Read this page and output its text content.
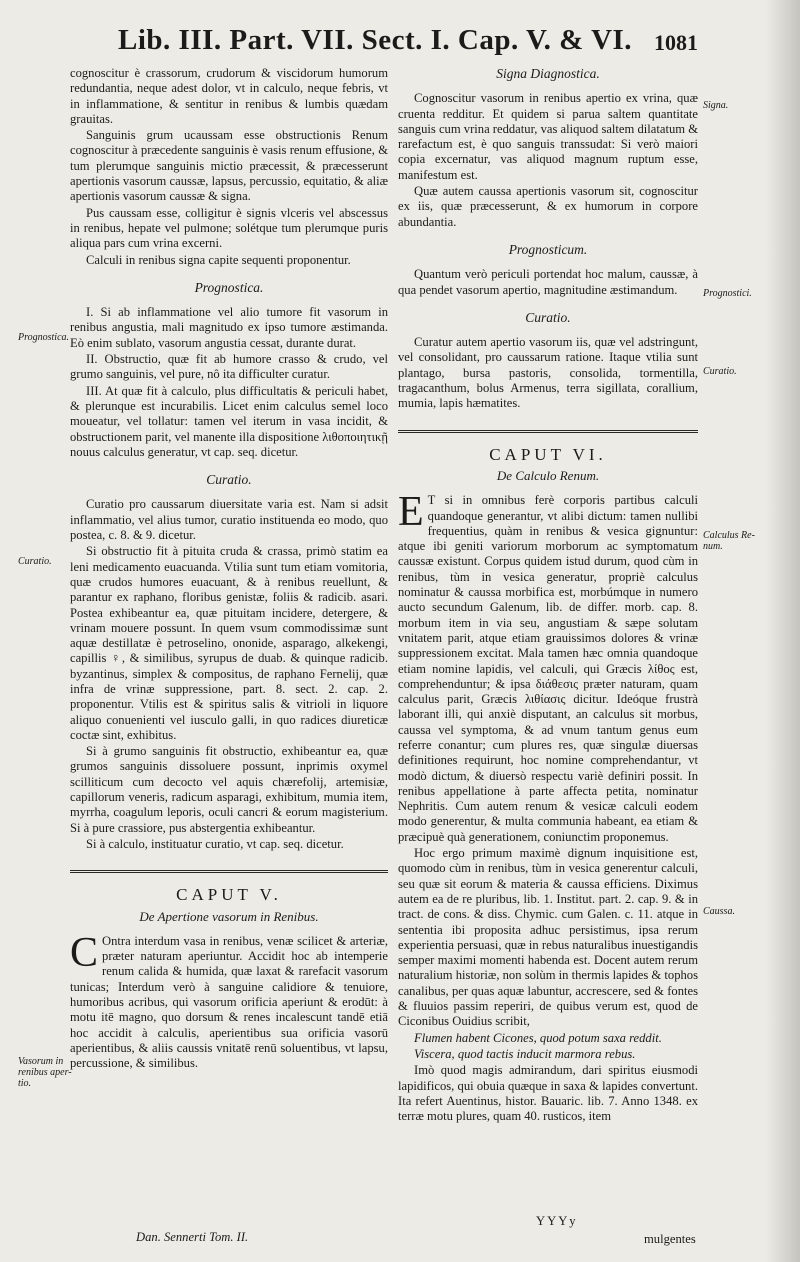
Lib. III. Part. VII. Sect. I. Cap. V. & VI. 1081

cognoscitur è crassorum, crudorum & viscidorum humorum redundantia, neque adest dolor, vt in calculo, neque febris, vt in inflammatione, & sentitur in renibus & lumbis quædam grauitas.

Sanguinis grum ucaussam esse obstructionis Renum cognoscitur à præcedente sanguinis è vasis renum effusione, & tum plerumque sanguinis mictio præcessit, & præcesserunt apertionis vasorum caussæ, lapsus, percussio, equitatio, & aliæ apertionis vasorum caussæ & signa.

Pus caussam esse, colligitur è signis vlceris vel abscessus in renibus, hepate vel pulmone; solétque tum plerumque puris aliqua pars cum vrina excerni.

Calculi in renibus signa capite sequenti proponentur.

Prognostica.

I. Si ab inflammatione vel alio tumore fit vasorum in renibus angustia, mali magnitudo ex ipso tumore æstimanda. Eò enim sublato, vasorum angustia cessat, durante durat.

II. Obstructio, quæ fit ab humore crasso & crudo, vel grumo sanguinis, vel pure, nô ita difficulter curatur.

III. At quæ fit à calculo, plus difficultatis & periculi habet, & plerunque est incurabilis. Licet enim calculus semel loco moueatur, vel tollatur: tamen vel iterum in vasa incidit, & obstructionem parit, vel manente illa dispositione λιθοποιητικῇ nouus calculus generatur, vt cap. seq. dicetur.

Curatio.

Curatio pro caussarum diuersitate varia est. Nam si adsit inflammatio, vel alius tumor, curatio instituenda eo modo, quo postea, c. 8. & 9. dicetur.

Si obstructio fit à pituita cruda & crassa, primò statim ea leni medicamento euacuanda. Vtilia sunt tum etiam vomitoria, quæ crudos humores euacuant, & à renibus reuellunt, & parantur ex raphano, floribus genistæ, foliis & radicib. asari. Postea exhibeantur ea, quæ pituitam incidere, detergere, & vrinam mouere possunt. In quem vsum commodissimæ sunt aquæ destillatæ è petroselino, ononide, asparago, alkekengi, capillis ♀, & similibus, syrupus de duab. & quinque radicib. byzantinus, simplex & compositus, de raphano Fernelij, quæ infra de vrinæ suppressione, part. 8. sect. 2. cap. 2. proponentur. Vtilis est & spiritus salis & vitrioli in liquore aliquo conuenienti vel iusculo galli, in quo radices diureticæ coctæ sint, exhibitus.

Si à grumo sanguinis fit obstructio, exhibeantur ea, quæ grumos sanguinis dissoluere possunt, inprimis oxymel scilliticum cum decocto vel aquis chærefolij, artemisiæ, capillorum veneris, radicum asparagi, exhibitum, mumia item, myrrha, coagulum leporis, oculi cancri & eorum magisterium. Si à pure crassiore, pus abstergentia exhibeantur.

Si à calculo, instituatur curatio, vt cap. seq. dicetur.

CAPUT V.
De Apertione vasorum in Renibus.

C Ontra interdum vasa in renibus, venæ scilicet & arteriæ, præter naturam aperiuntur. Accidit hoc ab intemperie renum calida & humida, quæ laxat & rarefacit vasorum tunicas; Interdum verò à sanguine calidiore & tenuiore, humoribus acribus, qui vasorum orificia aperiunt & erodūt: à motu itē magno, quo dorsum & renes incalescunt tandē etiā hoc accidit à calculis, aperientibus sua orificia vasorū aperientibus, & aliis caussis vnitatē renū soluentibus, vt lapsu, percussione, & similibus.

Signa Diagnostica.

Cognoscitur vasorum in renibus apertio ex vrina, quæ cruenta redditur. Et quidem si parua saltem quantitate sanguis cum vrina reddatur, vas aliquod saltem dilatatum & rarefactum est, è quo sanguis transsudat: Si verò maiori copia excernatur, vas aliquod magnum ruptum esse, manifestum est.

Quæ autem caussa apertionis vasorum sit, cognoscitur ex iis, quæ præcesserunt, & ex humorum in corpore abundantia.

Prognosticum.

Quantum verò periculi portendat hoc malum, caussæ, à qua pendet vasorum apertio, magnitudine æstimandum.

Curatio.

Curatur autem apertio vasorum iis, quæ vel adstringunt, vel consolidant, pro caussarum ratione. Itaque vtilia sunt plantago, bursa pastoris, consolida, tormentilla, tragacanthum, bolus Armenus, terra sigillata, corallium, mumia, lapis hæmatites.

CAPUT VI.
De Calculo Renum.

E T si in omnibus ferè corporis partibus calculi quandoque generantur, vt alibi dictum: tamen nullibi frequentius, quàm in renibus & vesica gignuntur: atque ibi geniti variorum morborum ac symptomatum caussæ existunt. Corpus quidem istud durum, quod cùm in renibus, tùm in vesica generatur, propriè calculus nominatur & caussa morbifica est, morbúmque in numero aucto secundum Galenum, lib. de differ. morb. cap. 8. morbum item in via seu, angustiam & sæpe solutam vnitatem parit, atque etiam grauissimos dolores & vrinæ suppressionem excitat. Mala tamen hæc omnia quandoque etiam nomine lapidis, vel calculi, qui Græcis λίθος est, comprehenduntur; & ipsa διάθεσις præter naturam, quam calculus parit, Græcis λιθίασις dicitur. Ideóque frustrà laborant illi, qui anxiè disputant, an calculus sit morbus, caussa vel symptoma, & ad vnum tantum genus eum referre conantur; cum plures res, quæ singulæ diuersas definitiones requirunt, hoc nomine comprehendantur, vt modò dictum, & diuersò respectu variè definiri possit. In renibus appellatione à parte affecta petita, nominatur Nephritis. Cum autem renum & vesicæ calculi eodem modo generentur, & multa communia habeant, ea etiam & præcipuè quà generationem, coniunctim proponemus.

Hoc ergo primum maximè dignum inquisitione est, quomodo cùm in renibus, tùm in vesica generentur calculi, seu quæ sit eorum & materia & caussa efficiens. Diximus autem ea de re pluribus, lib. 1. Institut. part. 2. cap. 9. & in tract. de cons. & diss. Chymic. cum Galen. c. 11. atque in sententia ibi proposita adhuc persistimus, ipsa rerum experientia persuasi, quæ in rebus naturalibus inuestigandis semper maximi momenti habenda est. Docent autem rerum naturalium historiæ, non solùm in thermis lapides & tophos canalibus, per quas aquæ labuntur, accrescere, sed & fontes & fluuios passim reperiri, de quibus verum est, quod de Ciconibus Ouidius scribit,

Flumen habent Cicones, quod potum saxa reddit.

Viscera, quod tactis inducit marmora rebus.

Imò quod magis admirandum, dari spiritus eiusmodi lapidificos, qui obuia quæque in saxa & lapides convertunt. Ita refert Auentinus, histor. Bauaric. lib. 7. Anno 1348. ex terræ motu plures, quam 40. rusticos, item

Signa.
Prognostici.
Curatio.
Calculus Re-
num.
Caussa.
Prognostica.
Curatio.
Vasorum in
renibus aper-
tio.
Dan. Sennerti Tom. II.
YYYy
mulgentes
